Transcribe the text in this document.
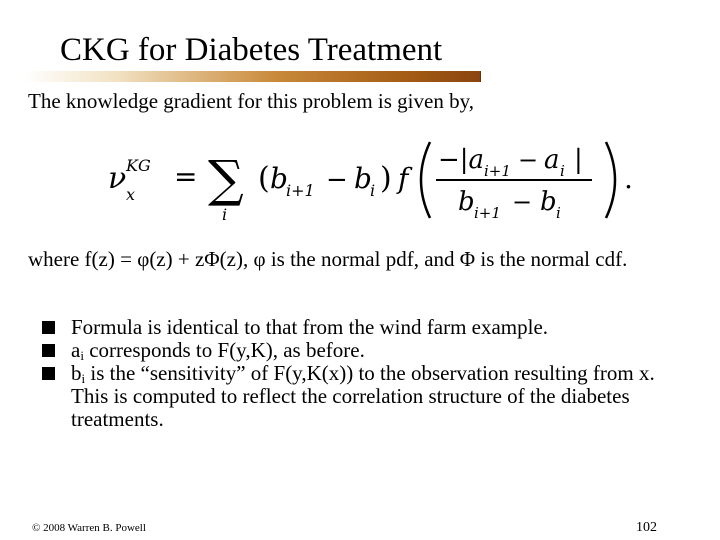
CKG for Diabetes Treatment
The knowledge gradient for this problem is given by,
ν KG
x
= ∑
i
( b
i+1 − b
i ) f
−|a i+1 − a i |
b i+1 − b i
.
where f(z) = φ(z) + zΦ(z), φ is the normal pdf, and Φ is the normal cdf.
Formula is identical to that from the wind farm example.
$a_i$ corresponds to F(y,K), as before.
$b_i$ is the “sensitivity” of F(y,K(x)) to the observation resulting from x. This is computed to reflect the correlation structure of the diabetes treatments.
© 2008 Warren B. Powell	102
